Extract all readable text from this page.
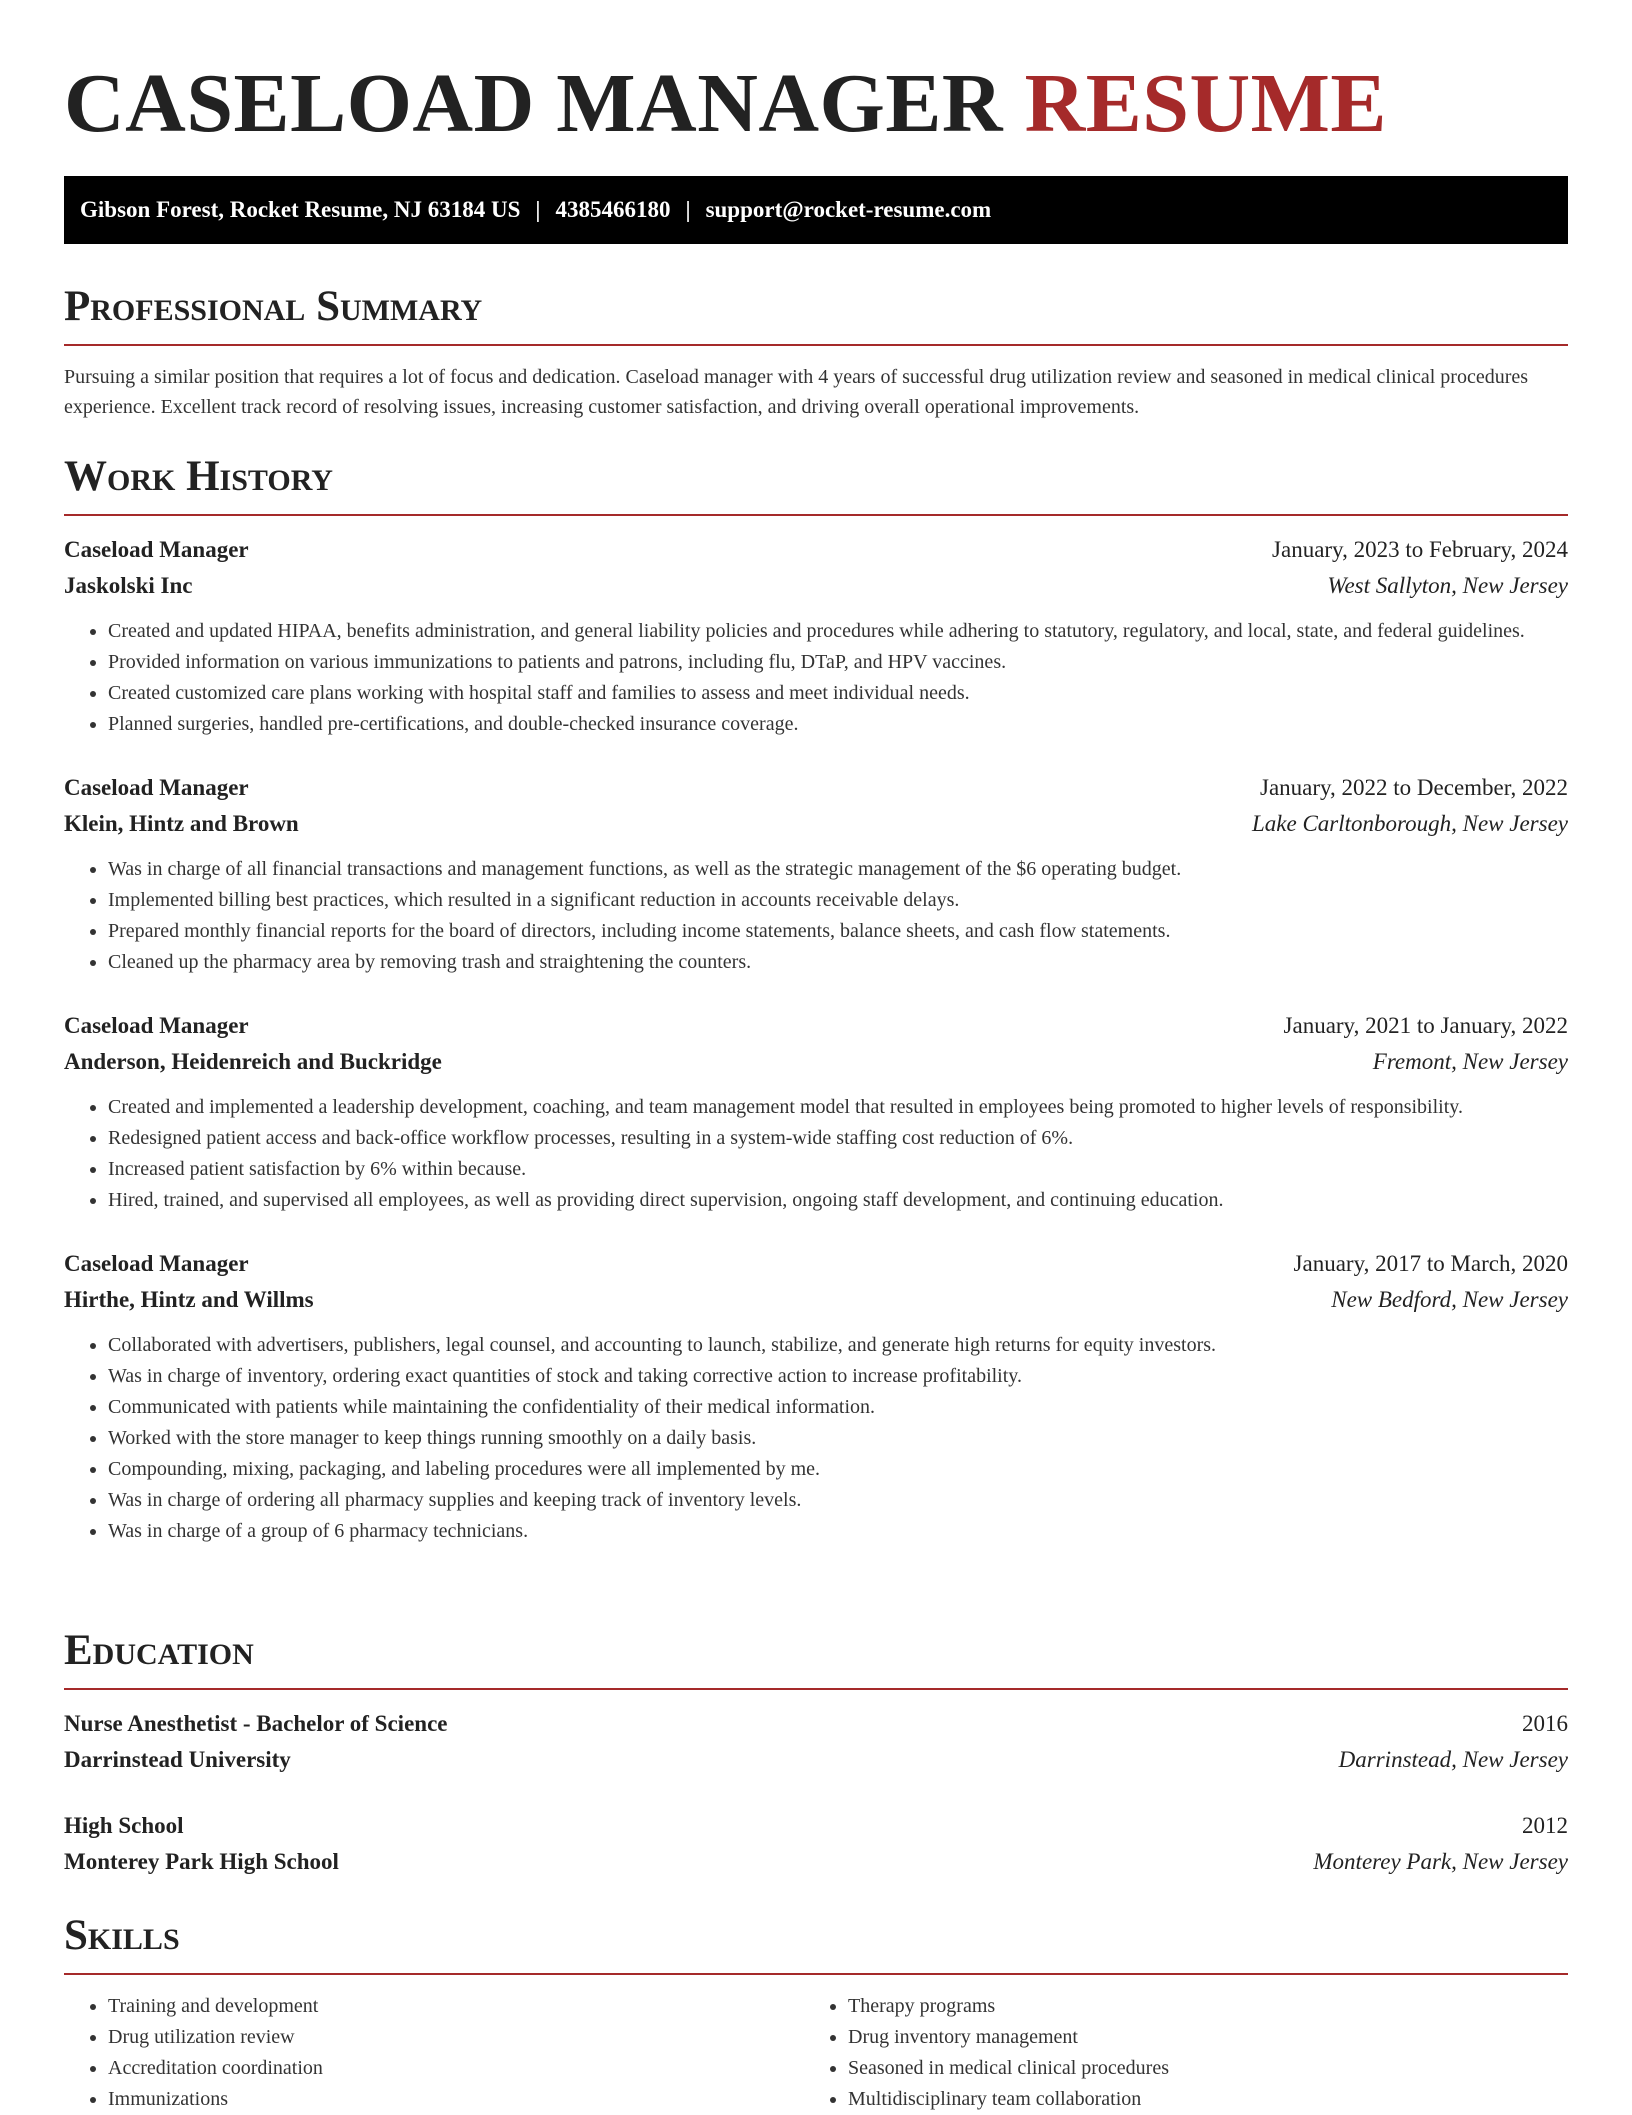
CASELOAD MANAGER RESUME
Gibson Forest, Rocket Resume, NJ 63184 US | 4385466180 | support@rocket-resume.com
Professional Summary

Pursuing a similar position that requires a lot of focus and dedication. Caseload manager with 4 years of successful drug utilization review and seasoned in medical clinical procedures experience. Excellent track record of resolving issues, increasing customer satisfaction, and driving overall operational improvements.

Work History
Caseload Manager	January, 2023 to February, 2024
Jaskolski Inc	West Sallyton, New Jersey
• Created and updated HIPAA, benefits administration, and general liability policies and procedures while adhering to statutory, regulatory, and local, state, and federal guidelines.
• Provided information on various immunizations to patients and patrons, including flu, DTaP, and HPV vaccines.
• Created customized care plans working with hospital staff and families to assess and meet individual needs.
• Planned surgeries, handled pre-certifications, and double-checked insurance coverage.
Caseload Manager	January, 2022 to December, 2022
Klein, Hintz and Brown	Lake Carltonborough, New Jersey
• Was in charge of all financial transactions and management functions, as well as the strategic management of the $6 operating budget.
• Implemented billing best practices, which resulted in a significant reduction in accounts receivable delays.
• Prepared monthly financial reports for the board of directors, including income statements, balance sheets, and cash flow statements.
• Cleaned up the pharmacy area by removing trash and straightening the counters.
Caseload Manager	January, 2021 to January, 2022
Anderson, Heidenreich and Buckridge	Fremont, New Jersey
• Created and implemented a leadership development, coaching, and team management model that resulted in employees being promoted to higher levels of responsibility.
• Redesigned patient access and back-office workflow processes, resulting in a system-wide staffing cost reduction of 6%.
• Increased patient satisfaction by 6% within because.
• Hired, trained, and supervised all employees, as well as providing direct supervision, ongoing staff development, and continuing education.
Caseload Manager	January, 2017 to March, 2020
Hirthe, Hintz and Willms	New Bedford, New Jersey
• Collaborated with advertisers, publishers, legal counsel, and accounting to launch, stabilize, and generate high returns for equity investors.
• Was in charge of inventory, ordering exact quantities of stock and taking corrective action to increase profitability.
• Communicated with patients while maintaining the confidentiality of their medical information.
• Worked with the store manager to keep things running smoothly on a daily basis.
• Compounding, mixing, packaging, and labeling procedures were all implemented by me.
• Was in charge of ordering all pharmacy supplies and keeping track of inventory levels.
• Was in charge of a group of 6 pharmacy technicians.
Education
Nurse Anesthetist - Bachelor of Science	2016
Darrinstead University	Darrinstead, New Jersey
High School	2012
Monterey Park High School	Monterey Park, New Jersey
Skills
• Training and development
• Drug utilization review
• Accreditation coordination
• Immunizations
• Therapy programs
• Drug inventory management
• Seasoned in medical clinical procedures
• Multidisciplinary team collaboration
